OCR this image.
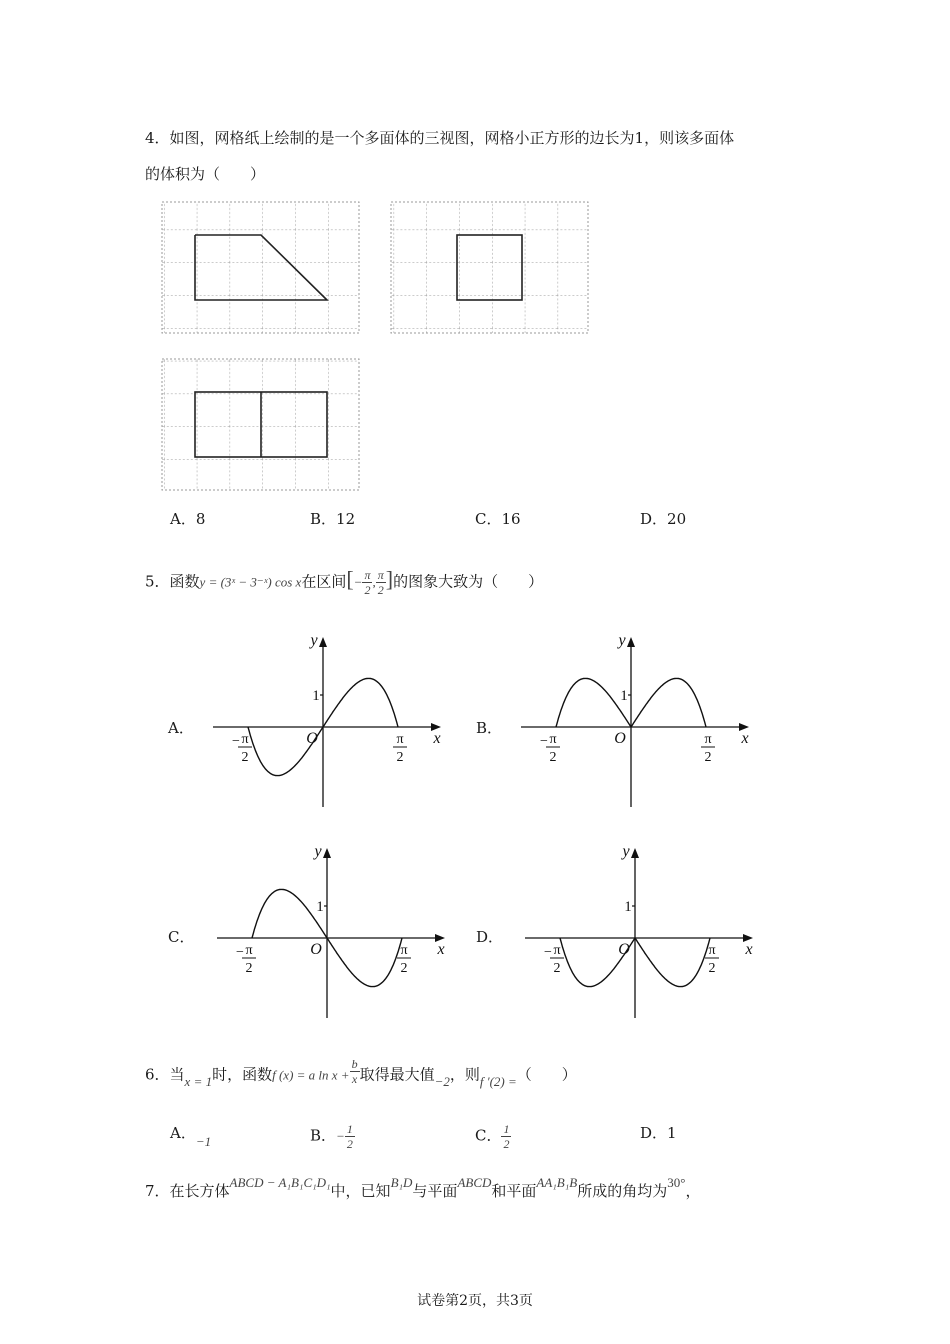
4．如图，网格纸上绘制的是一个多面体的三视图，网格小正方形的边长为1，则该多面体
的体积为（　　）
A．8	B．12	C．16	D．20
5．函数y = (3ˣ − 3⁻ˣ) cos x在区间[− $\frac{\pi}{2}$ , $\frac{\pi}{2}$ ]的图象大致为（　　）
A．	B．
C．	D．
y
x
O
1
− π
2
π
2
y
x
O
1
− π
2
π
2
y
x
O
1
− π
2
π
2
y
x
O
1
− π
2
π
2
6．当x = 1时，函数f (x) = a $\ln x + \frac{b}{x}$ 取得最大值−2，则f ′(2) =（　　）
A．−1	B．− $\frac{1}{2}$	C． $\frac{1}{2}$	D．1
7．在长方体ABCD − A₁B₁C₁D₁中，已知B₁D与平面ABCD和平面AA₁B₁B所成的角均为30°，
试卷第2页，共3页
